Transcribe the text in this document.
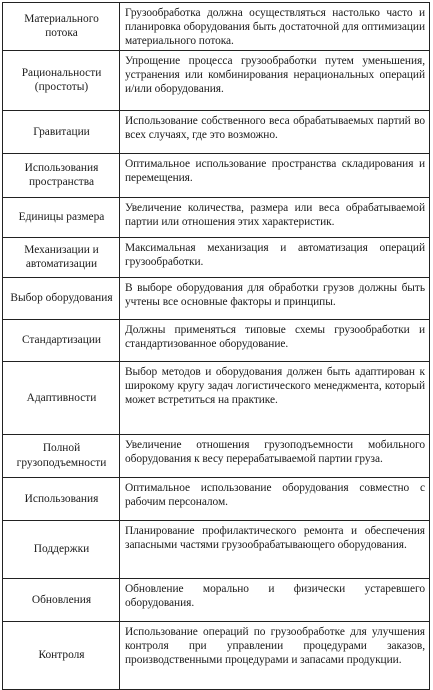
Материального потока	Грузообработка должна осуществляться настолько часто и планировка оборудования быть достаточной для оптимизации материального потока.
Рациональности (простоты)	Упрощение процесса грузообработки путем уменьшения, устранения или комбинирования нерациональных операций и/или оборудования.
Гравитации	Использование собственного веса обрабатываемых партий во всех случаях, где это возможно.
Использования пространства	Оптимальное использование пространства складирования и перемещения.
Единицы размера	Увеличение количества, размера или веса обрабатываемой партии или отношения этих характеристик.
Механизации и автоматизации	Максимальная механизация и автоматизация операций грузообработки.
Выбор оборудования	В выборе оборудования для обработки грузов должны быть учтены все основные факторы и принципы.
Стандартизации	Должны применяться типовые схемы грузообработки и стандартизованное оборудование.
Адаптивности	Выбор методов и оборудования должен быть адаптирован к широкому кругу задач логистического менеджмента, который может встретиться на практике.
Полной грузоподъемности	Увеличение отношения грузоподъемности мобильного оборудования к весу перерабатываемой партии груза.
Использования	Оптимальное использование оборудования совместно с рабочим персоналом.
Поддержки	Планирование профилактического ремонта и обеспечения запасными частями грузообрабатывающего оборудования.
Обновления	Обновление морально и физически устаревшего оборудования.
Контроля	Использование операций по грузообработке для улучшения контроля при управлении процедурами заказов, производственными процедурами и запасами продукции.
